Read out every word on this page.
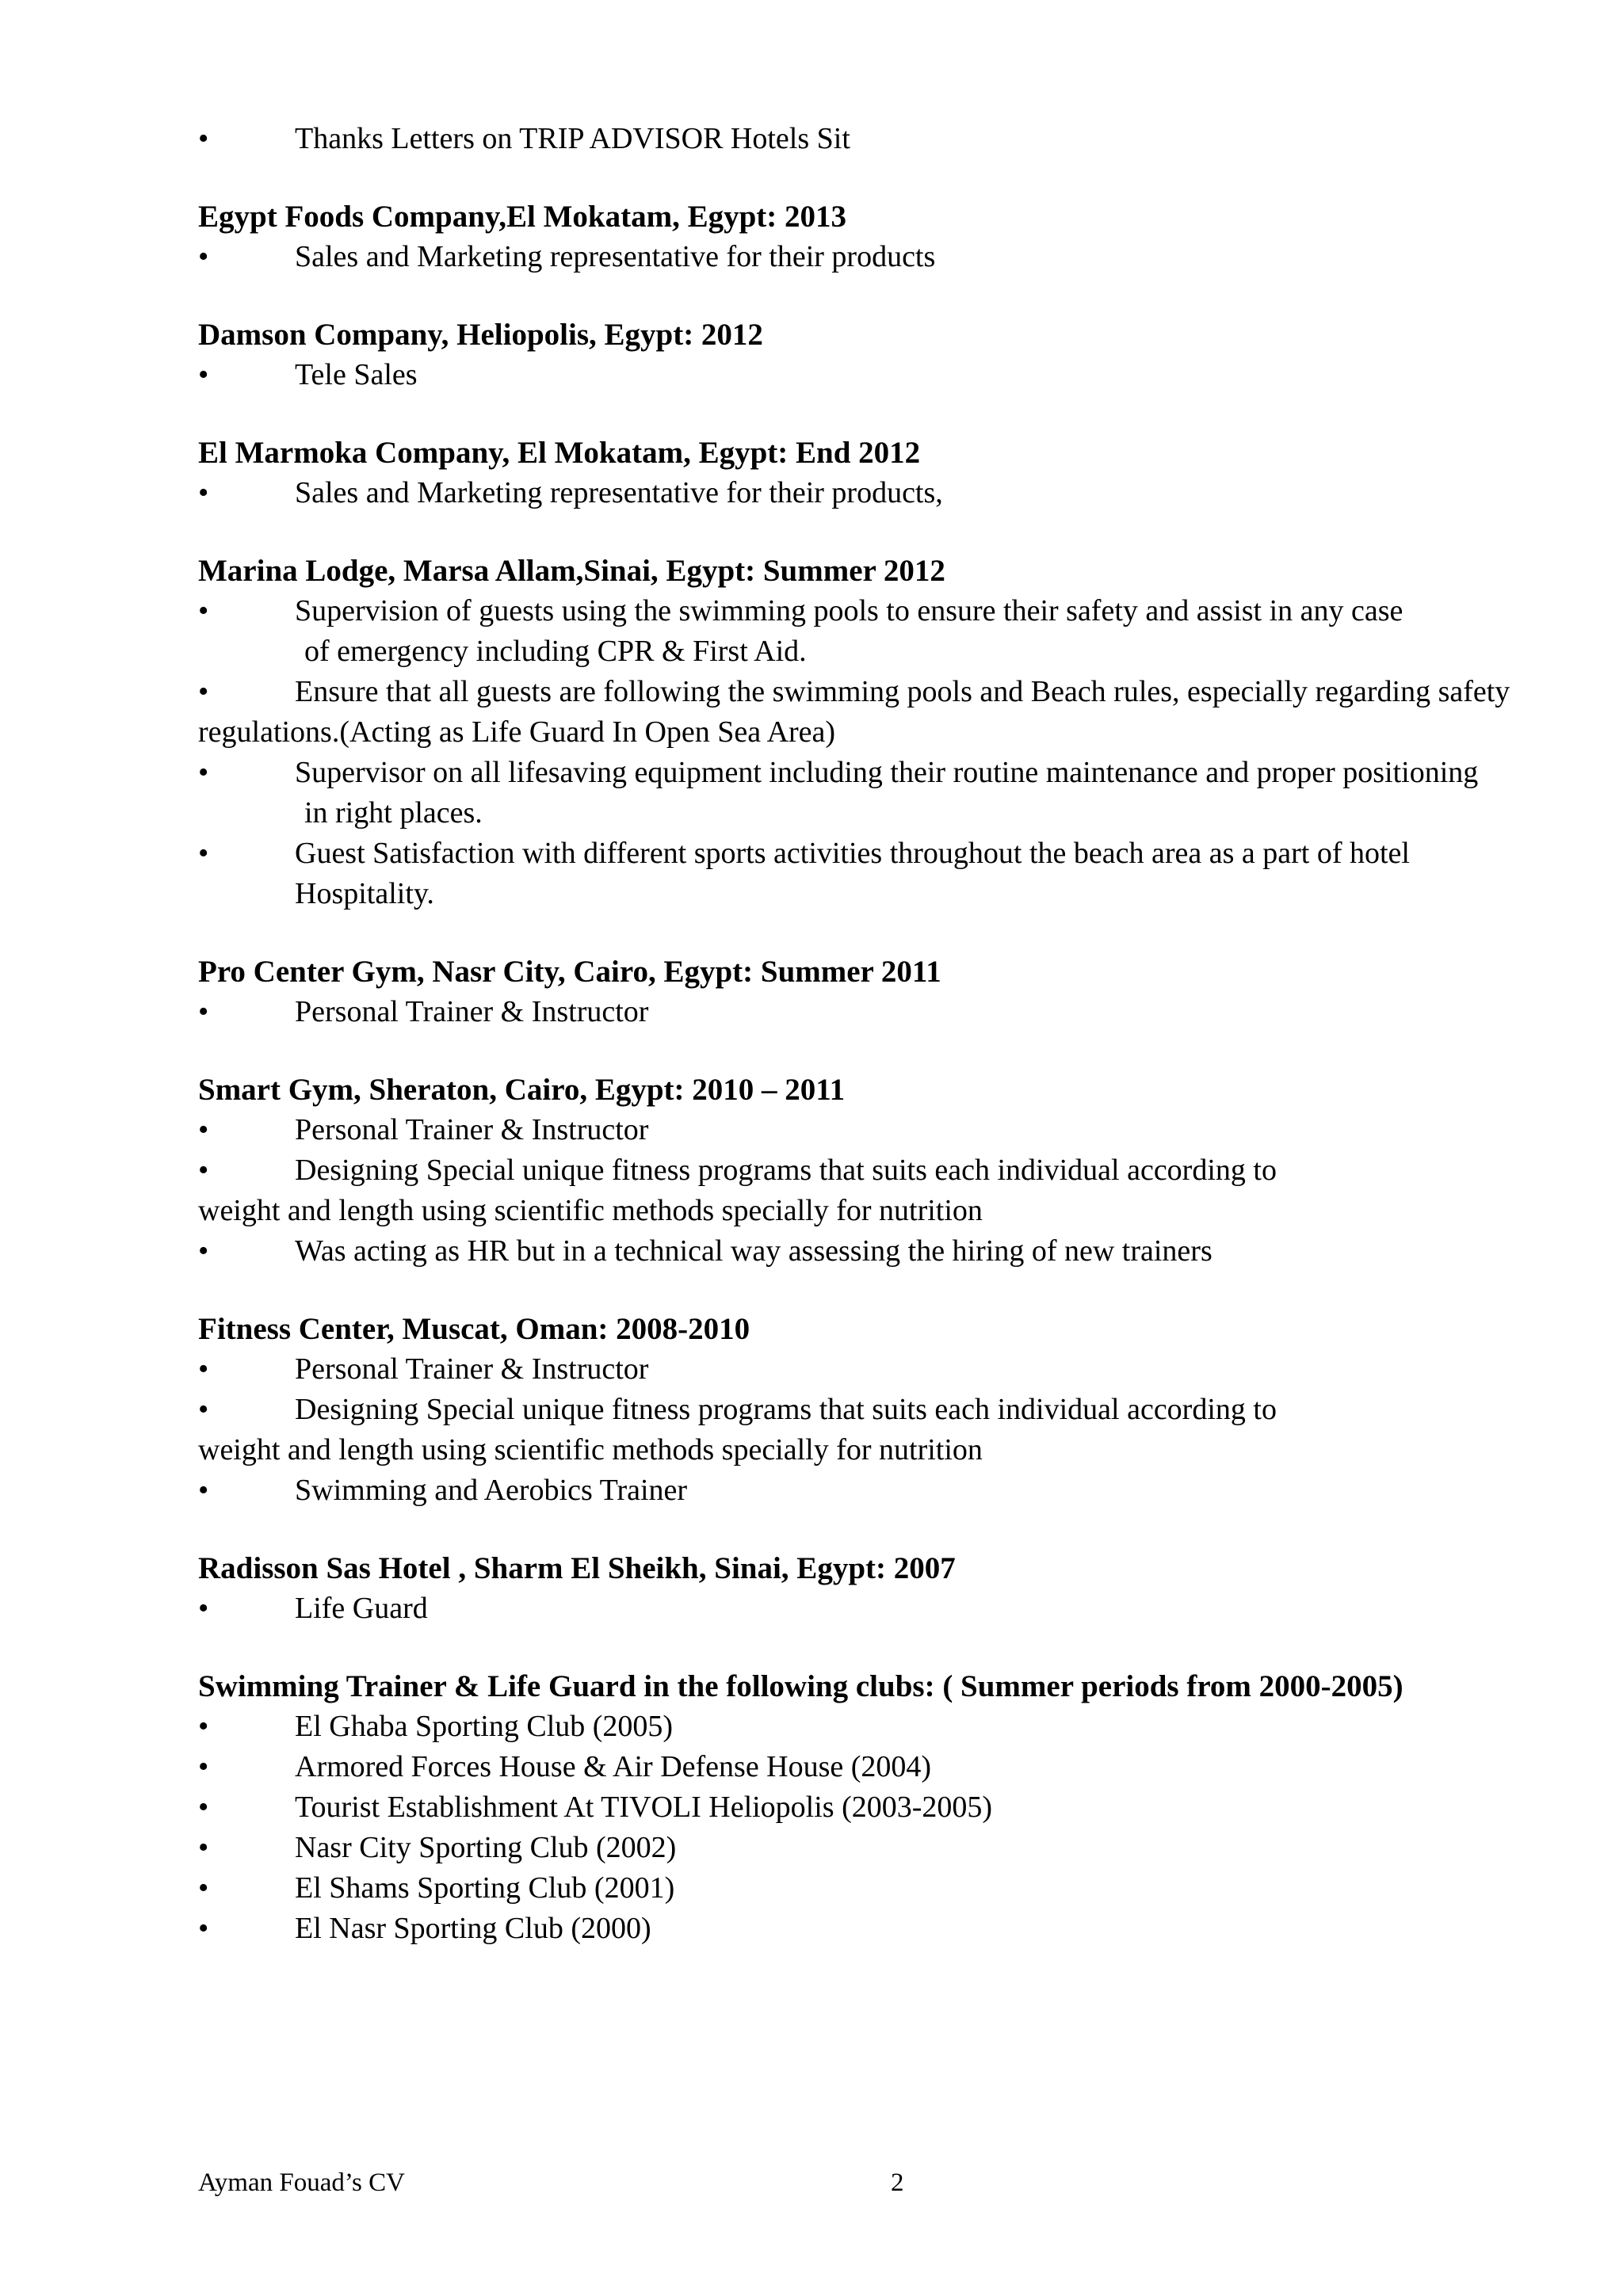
•	Thanks Letters on TRIP ADVISOR Hotels Sit
Egypt Foods Company,El Mokatam, Egypt: 2013
•	Sales and Marketing representative for their products
Damson Company, Heliopolis, Egypt: 2012
•	Tele Sales
El Marmoka Company, El Mokatam, Egypt: End 2012
•	Sales and Marketing representative for their products,
Marina Lodge, Marsa Allam,Sinai, Egypt: Summer 2012
•	Supervision of guests using the swimming pools to ensure their safety and assist in any case
of emergency including CPR & First Aid.
•	Ensure that all guests are following the swimming pools and Beach rules, especially regarding safety
regulations.(Acting as Life Guard In Open Sea Area)
•	Supervisor on all lifesaving equipment including their routine maintenance and proper positioning
in right places.
•	Guest Satisfaction with different sports activities throughout the beach area as a part of hotel
Hospitality.
Pro Center Gym, Nasr City, Cairo, Egypt: Summer 2011
•	Personal Trainer & Instructor
Smart Gym, Sheraton, Cairo, Egypt: 2010 – 2011
•	Personal Trainer & Instructor
•	Designing Special unique fitness programs that suits each individual according to
weight and length using scientific methods specially for nutrition
•	Was acting as HR but in a technical way assessing the hiring of new trainers
Fitness Center, Muscat, Oman: 2008-2010
•	Personal Trainer & Instructor
•	Designing Special unique fitness programs that suits each individual according to
weight and length using scientific methods specially for nutrition
•	Swimming and Aerobics Trainer
Radisson Sas Hotel , Sharm El Sheikh, Sinai, Egypt: 2007
•	Life Guard
Swimming Trainer & Life Guard in the following clubs: ( Summer periods from 2000-2005)
•	El Ghaba Sporting Club (2005)
•	Armored Forces House & Air Defense House (2004)
•	Tourist Establishment At TIVOLI Heliopolis (2003-2005)
•	Nasr City Sporting Club (2002)
•	El Shams Sporting Club (2001)
•	El Nasr Sporting Club (2000)
Ayman Fouad’s CV	2
